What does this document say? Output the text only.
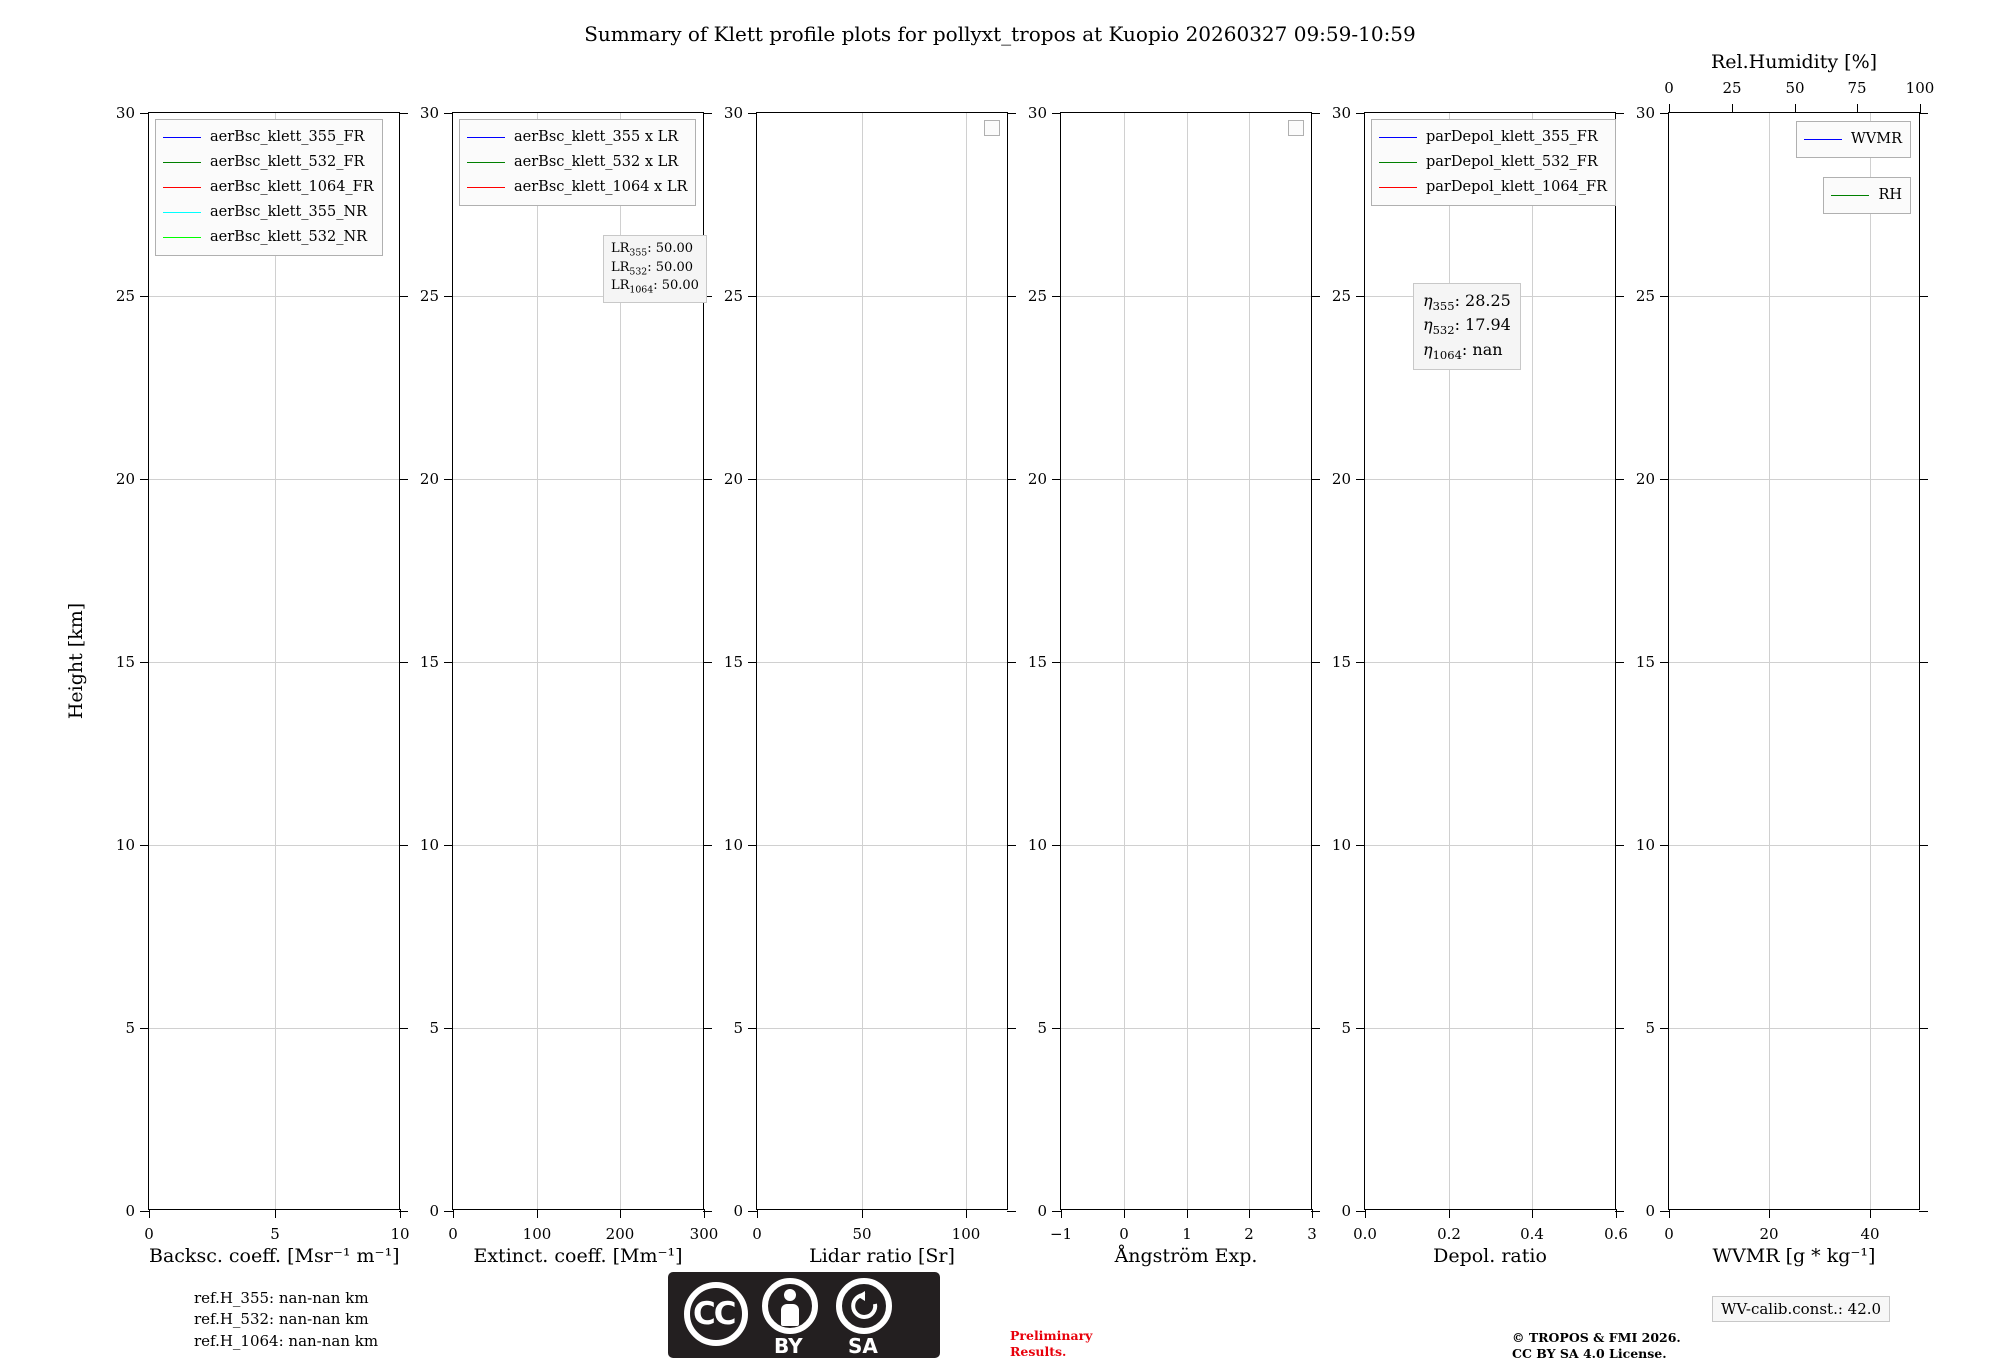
Summary of Klett profile plots for pollyxt_tropos at Kuopio 20260327 09:59-10:59
Height [km]
0
5
10
15
20
25
30
0	5	10
Backsc. coeff. [Msr⁻¹ m⁻¹]
aerBsc_klett_355_FR
aerBsc_klett_532_FR
aerBsc_klett_1064_FR
aerBsc_klett_355_NR
aerBsc_klett_532_NR
0
5
10
15
20
25
30
0	100	200	300
Extinct. coeff. [Mm⁻¹]
aerBsc_klett_355 x LR
aerBsc_klett_532 x LR
aerBsc_klett_1064 x LR
$LR_{355}$: 50.00
$LR_{532}$: 50.00
$LR_{1064}$: 50.00
0
5
10
15
20
25
30
0	50	100
Lidar ratio [Sr]
0
5
10
15
20
25
30
−1	0	1	2	3
Ångström Exp.
0
5
10
15
20
25
30
0.0	0.2	0.4	0.6
Depol. ratio
parDepol_klett_355_FR
parDepol_klett_532_FR
parDepol_klett_1064_FR
$\eta_{355}$: 28.25
$\eta_{532}$: 17.94
$\eta_{1064}$: nan
0
5
10
15
20
25
30
0	20	40
WVMR [g * kg⁻¹]
0	25	50	75	100
Rel.Humidity [%]
WVMR
RH
ref.H_355: nan-nan km
ref.H_532: nan-nan km
ref.H_1064: nan-nan km
WV-calib.const.: 42.0
Preliminary
Results.
© TROPOS & FMI 2026.
CC BY SA 4.0 License.
CC
BY SA
